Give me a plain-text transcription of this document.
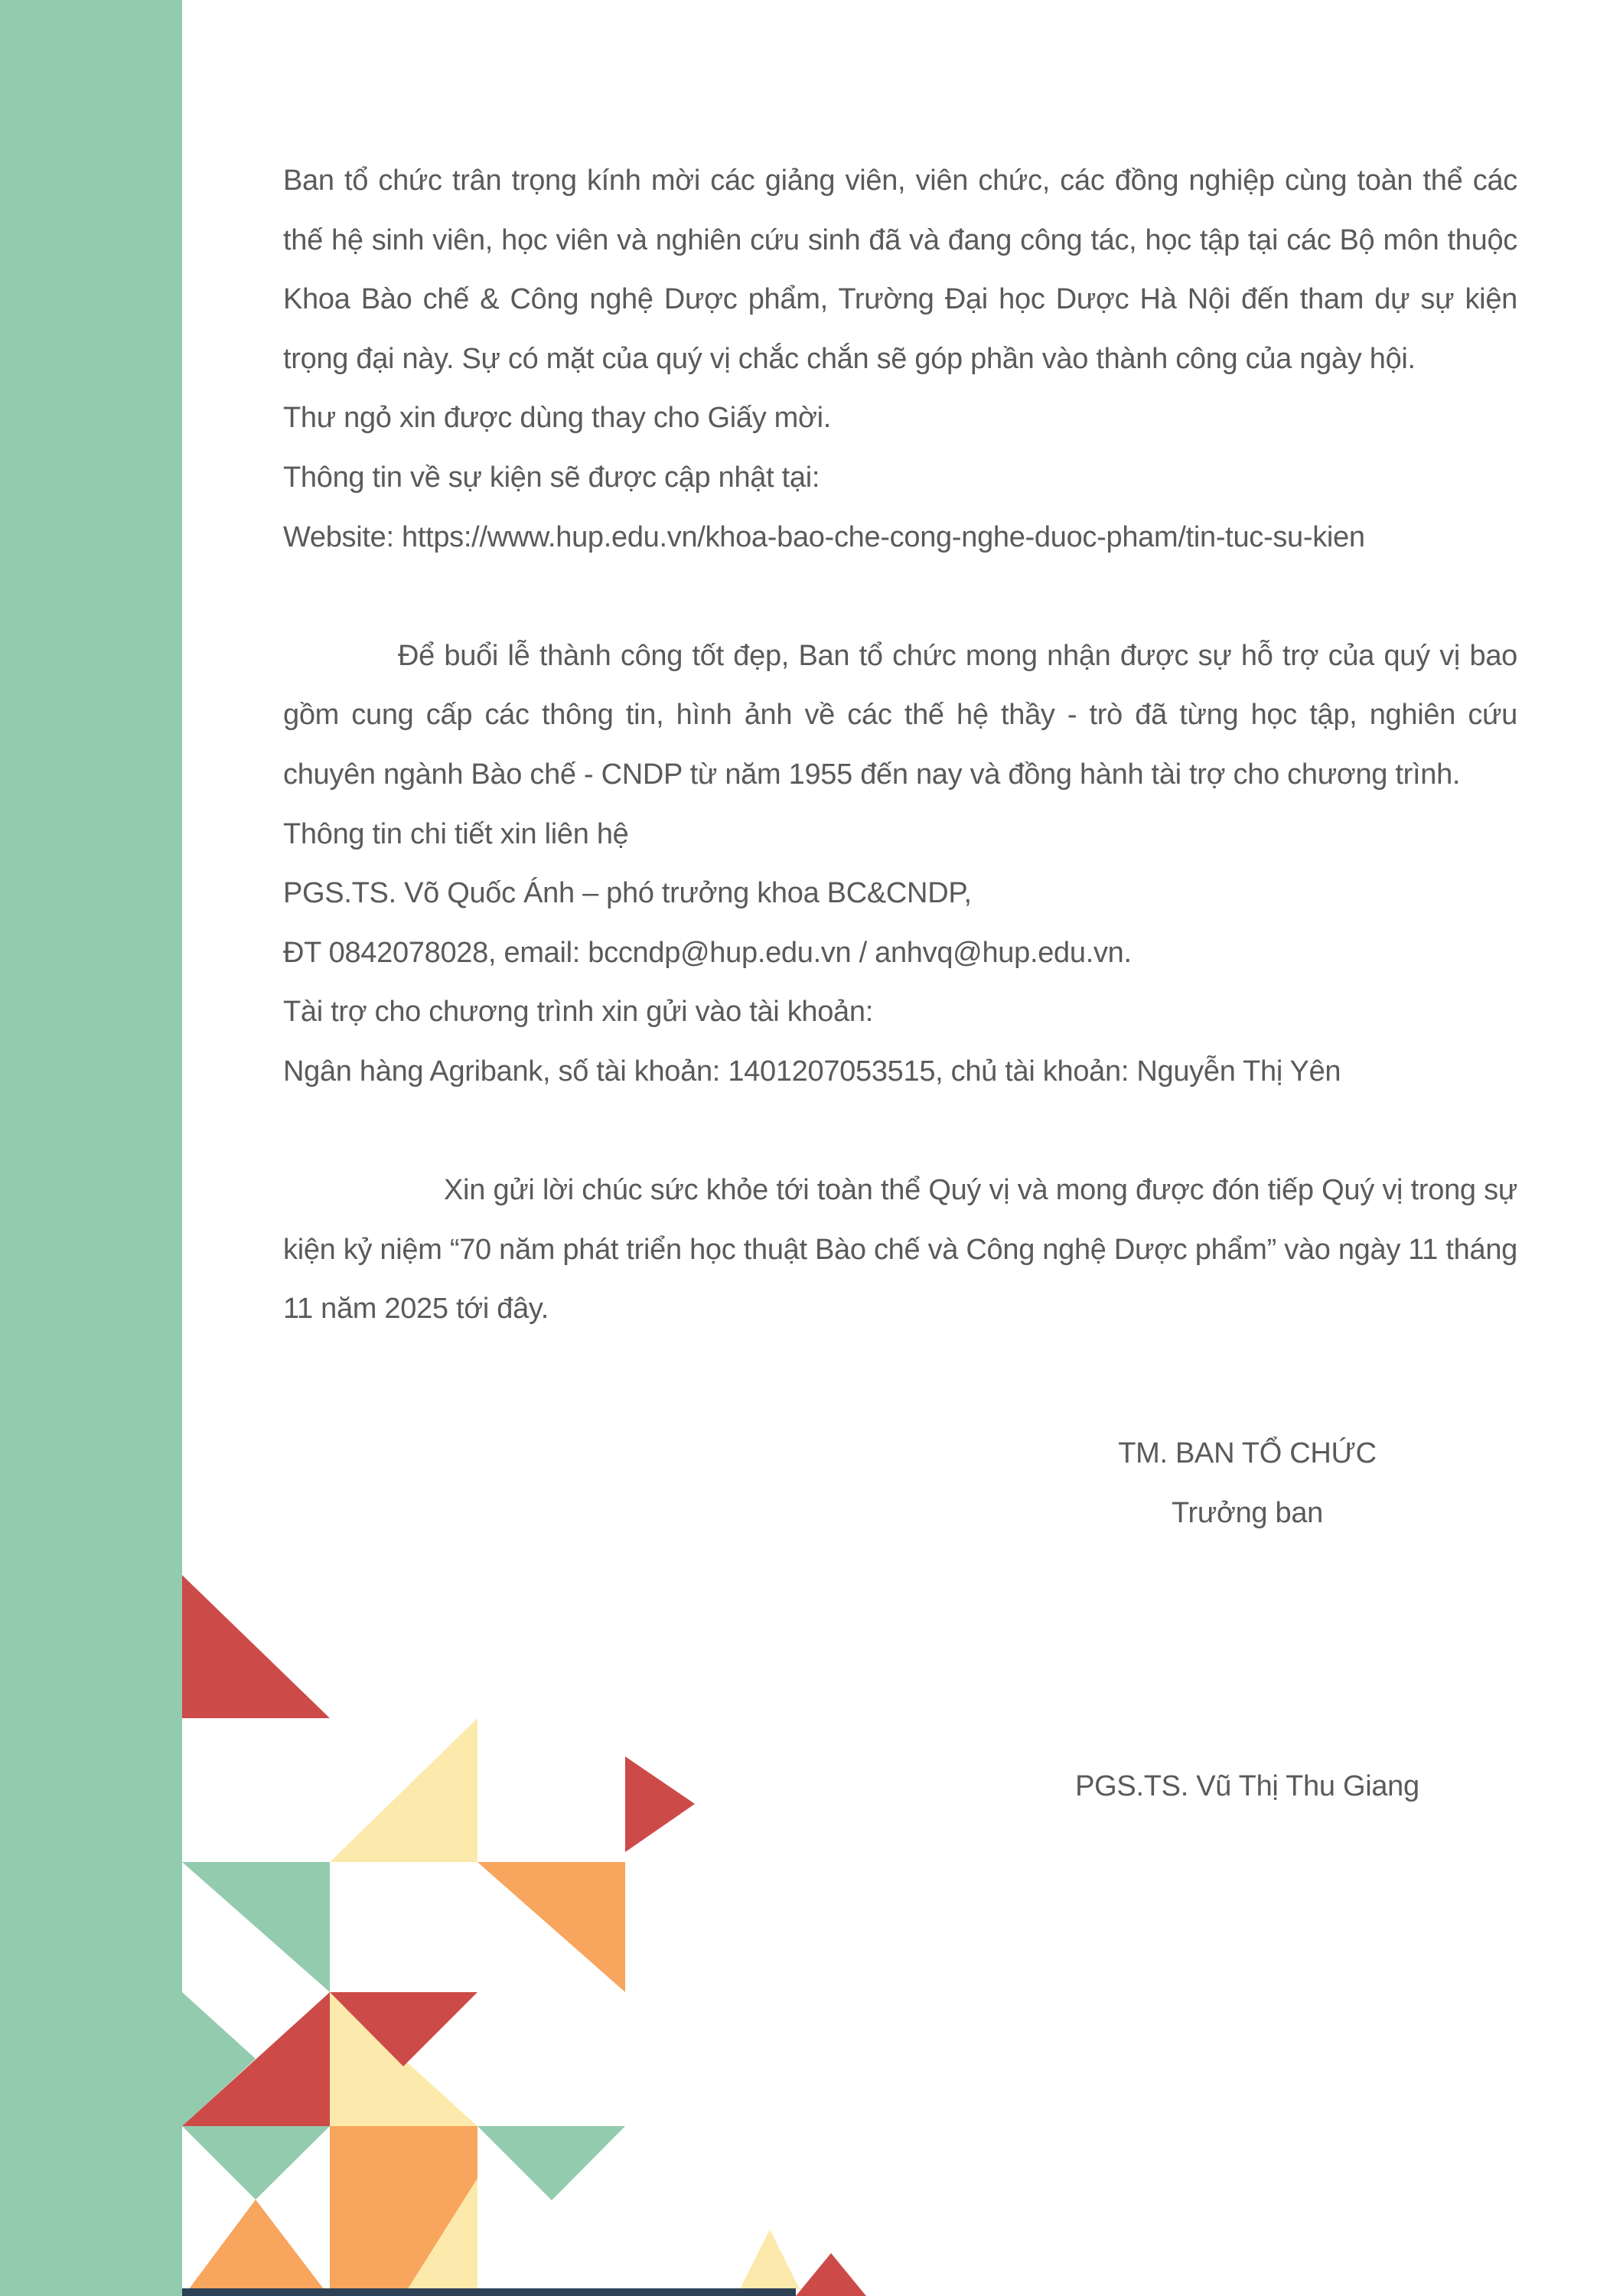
Ban tổ chức trân trọng kính mời các giảng viên, viên chức, các đồng nghiệp cùng toàn thể các thế hệ sinh viên, học viên và nghiên cứu sinh đã và đang công tác, học tập tại các Bộ môn thuộc Khoa Bào chế & Công nghệ Dược phẩm, Trường Đại học Dược Hà Nội đến tham dự sự kiện trọng đại này. Sự có mặt của quý vị chắc chắn sẽ góp phần vào thành công của ngày hội.

Thư ngỏ xin được dùng thay cho Giấy mời.

Thông tin về sự kiện sẽ được cập nhật tại:

Website: https://www.hup.edu.vn/khoa-bao-che-cong-nghe-duoc-pham/tin-tuc-su-kien

Để buổi lễ thành công tốt đẹp, Ban tổ chức mong nhận được sự hỗ trợ của quý vị bao gồm cung cấp các thông tin, hình ảnh về các thế hệ thầy - trò đã từng học tập, nghiên cứu chuyên ngành Bào chế - CNDP từ năm 1955 đến nay và đồng hành tài trợ cho chương trình.

Thông tin chi tiết xin liên hệ

PGS.TS. Võ Quốc Ánh – phó trưởng khoa BC&CNDP,

ĐT 0842078028, email: bccndp@hup.edu.vn / anhvq@hup.edu.vn.

Tài trợ cho chương trình xin gửi vào tài khoản:

Ngân hàng Agribank, số tài khoản: 1401207053515, chủ tài khoản: Nguyễn Thị Yên

Xin gửi lời chúc sức khỏe tới toàn thể Quý vị và mong được đón tiếp Quý vị trong sự kiện kỷ niệm “70 năm phát triển học thuật Bào chế và Công nghệ Dược phẩm” vào ngày 11 tháng 11 năm 2025 tới đây.

TM. BAN TỔ CHỨC

Trưởng ban

PGS.TS. Vũ Thị Thu Giang
